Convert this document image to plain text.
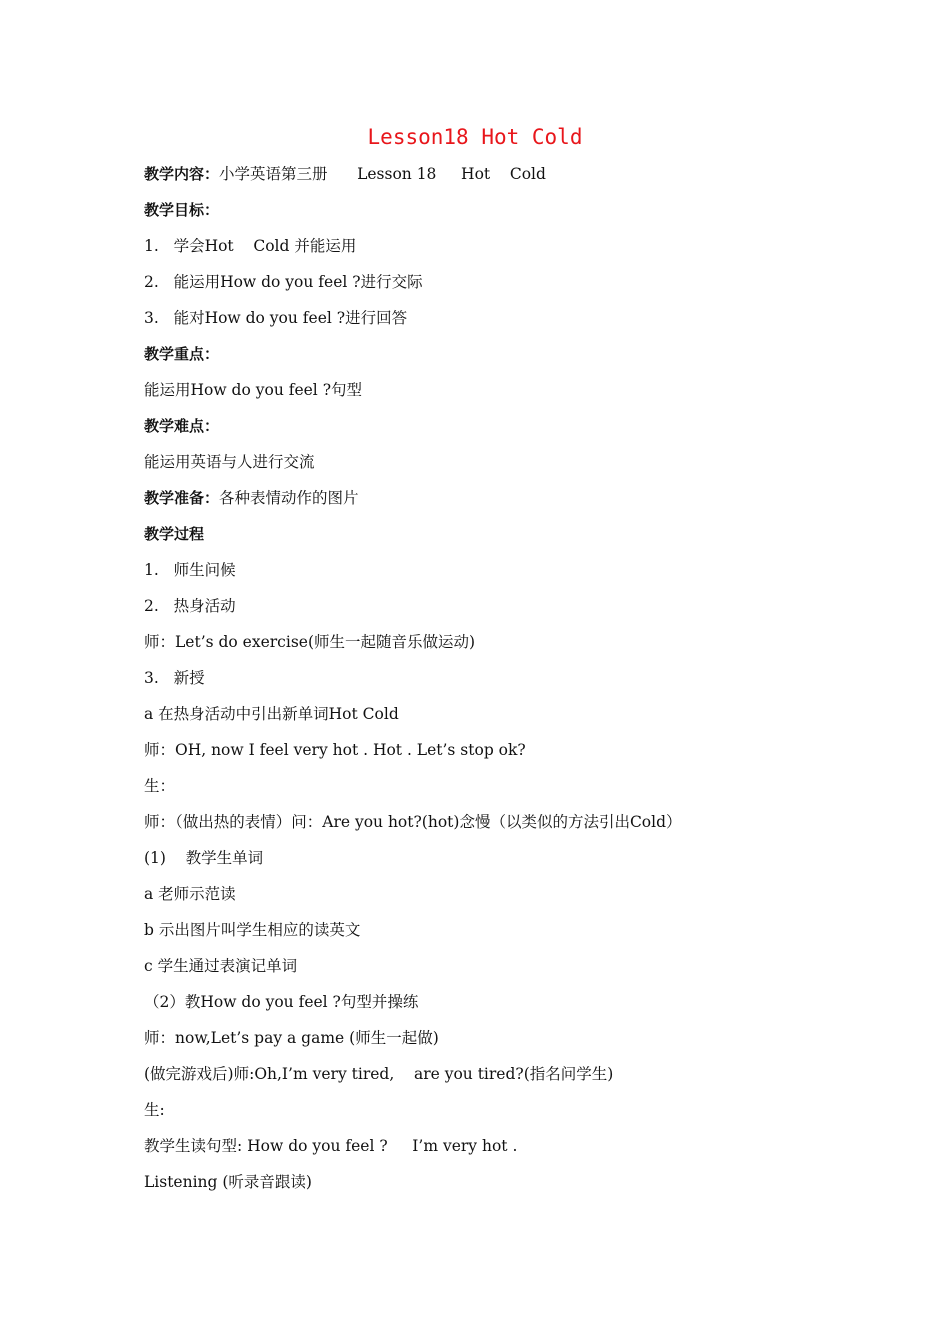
Lesson18 Hot Cold
教学内容：小学英语第三册      Lesson 18     Hot    Cold
教学目标：
1.   学会Hot    Cold 并能运用
2.   能运用How do you feel ?进行交际
3.   能对How do you feel ?进行回答
教学重点：
能运用How do you feel ?句型
教学难点：
能运用英语与人进行交流
教学准备：各种表情动作的图片
教学过程
1.   师生问候
2.   热身活动
师：Let’s do exercise(师生一起随音乐做运动)
3.   新授
a 在热身活动中引出新单词Hot Cold
师：OH, now I feel very hot . Hot . Let’s stop ok?
生：
师：（做出热的表情）问：Are you hot?(hot)念慢（以类似的方法引出Cold）
(1)    教学生单词
a 老师示范读
b 示出图片叫学生相应的读英文
c 学生通过表演记单词
（2）教How do you feel ?句型并操练
师：now,Let’s pay a game (师生一起做)
(做完游戏后)师:Oh,I’m very tired,    are you tired?(指名问学生)
生:
教学生读句型: How do you feel ?     I’m very hot .
Listening (听录音跟读)
